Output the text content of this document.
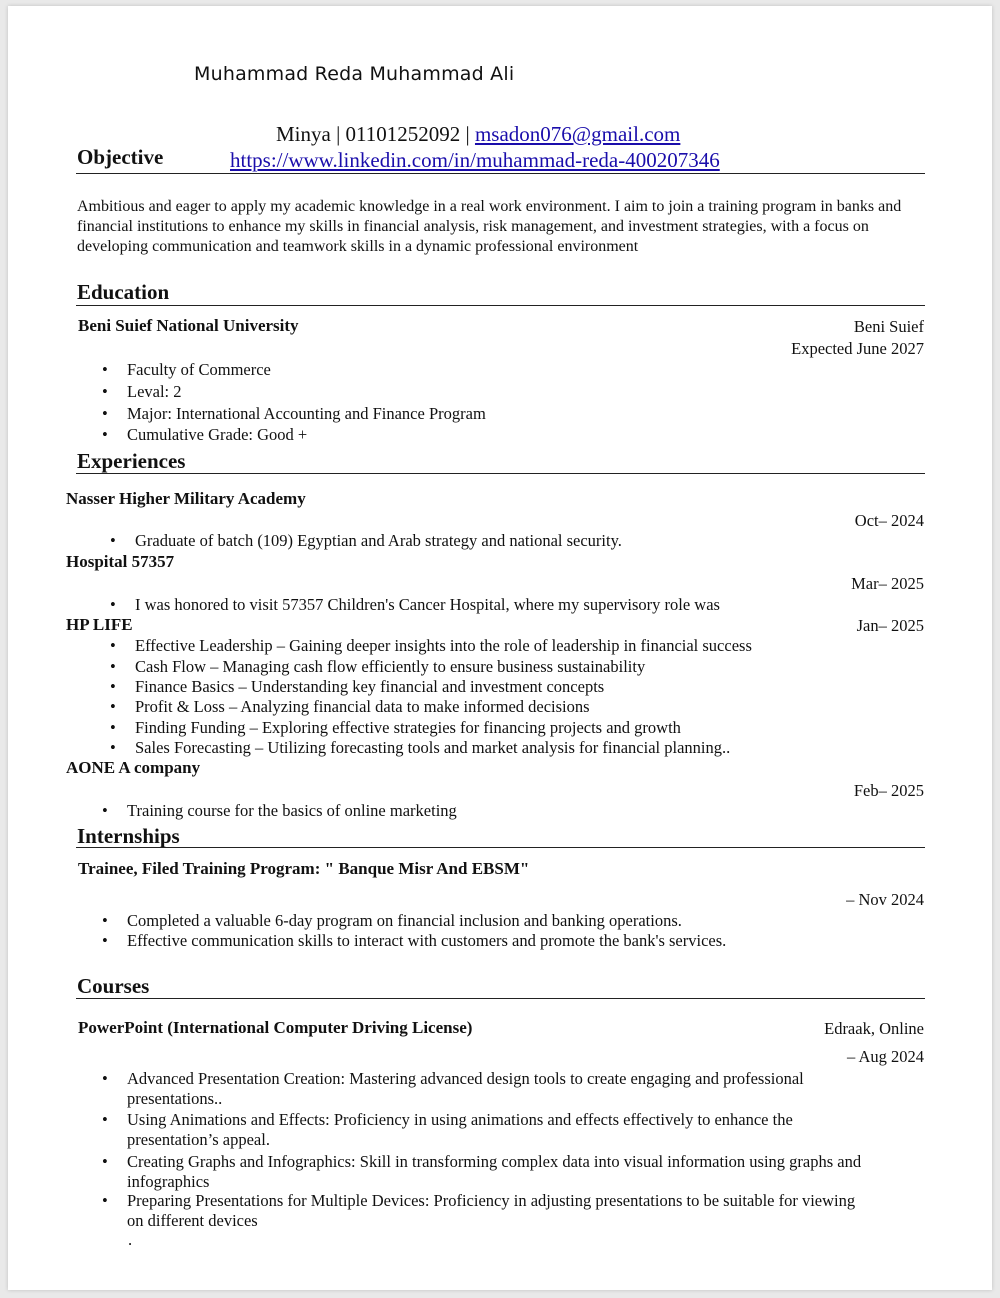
Muhammad Reda Muhammad Ali
Minya | 01101252092 | msadon076@gmail.com
https://www.linkedin.com/in/muhammad-reda-400207346
Objective
Ambitious and eager to apply my academic knowledge in a real work environment. I aim to join a training program in banks and financial institutions to enhance my skills in financial analysis, risk management, and investment strategies, with a focus on developing communication and teamwork skills in a dynamic professional environment
Education
Beni Suief National University	Beni Suief
Expected June 2027
• Faculty of Commerce
• Leval: 2
• Major: International Accounting and Finance Program
• Cumulative Grade: Good +
Experiences
Nasser Higher Military Academy
Oct– 2024
• Graduate of batch (109) Egyptian and Arab strategy and national security.
Hospital 57357
Mar– 2025
• I was honored to visit 57357 Children's Cancer Hospital, where my supervisory role was
HP LIFE	Jan– 2025
• Effective Leadership – Gaining deeper insights into the role of leadership in financial success
• Cash Flow – Managing cash flow efficiently to ensure business sustainability
• Finance Basics – Understanding key financial and investment concepts
• Profit & Loss – Analyzing financial data to make informed decisions
• Finding Funding – Exploring effective strategies for financing projects and growth
• Sales Forecasting – Utilizing forecasting tools and market analysis for financial planning..
AONE A company
Feb– 2025
• Training course for the basics of online marketing
Internships
Trainee, Filed Training Program: " Banque Misr And EBSM"
– Nov 2024
• Completed a valuable 6-day program on financial inclusion and banking operations.
• Effective communication skills to interact with customers and promote the bank's services.
Courses
PowerPoint (International Computer Driving License)	Edraak, Online
– Aug 2024
• Advanced Presentation Creation: Mastering advanced design tools to create engaging and professional presentations..
• Using Animations and Effects: Proficiency in using animations and effects effectively to enhance the presentation’s appeal.
• Creating Graphs and Infographics: Skill in transforming complex data into visual information using graphs and infographics
• Preparing Presentations for Multiple Devices: Proficiency in adjusting presentations to be suitable for viewing on different devices
.
